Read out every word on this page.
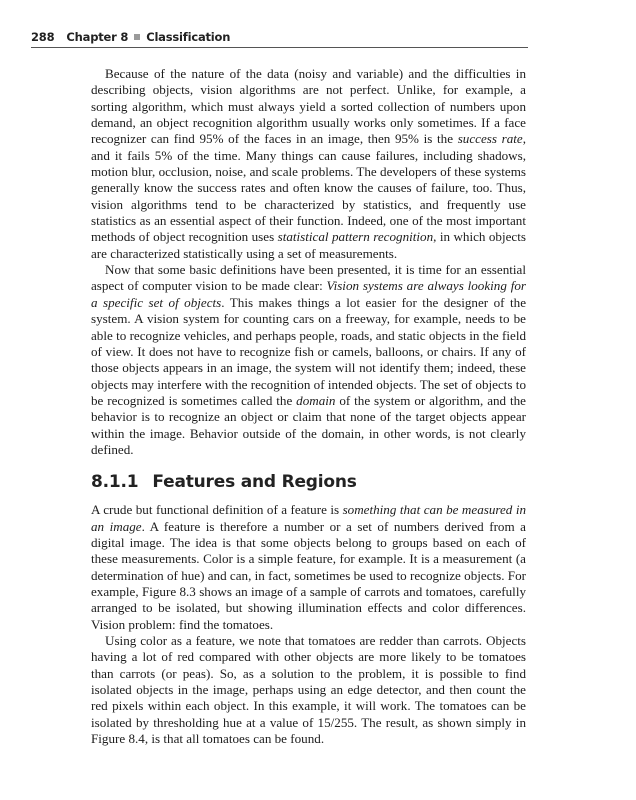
288 Chapter 8 Classification

Because of the nature of the data (noisy and variable) and the difficulties in describing objects, vision algorithms are not perfect. Unlike, for example, a sorting algorithm, which must always yield a sorted collection of numbers upon demand, an object recognition algorithm usually works only sometimes. If a face recognizer can find 95% of the faces in an image, then 95% is the success rate, and it fails 5% of the time. Many things can cause failures, including shadows, motion blur, occlusion, noise, and scale problems. The developers of these systems generally know the success rates and often know the causes of failure, too. Thus, vision algorithms tend to be characterized by statistics, and frequently use statistics as an essential aspect of their function. Indeed, one of the most important methods of object recognition uses statistical pattern recognition, in which objects are characterized statistically using a set of measurements.

Now that some basic definitions have been presented, it is time for an essential aspect of computer vision to be made clear: Vision systems are always looking for a specific set of objects. This makes things a lot easier for the designer of the system. A vision system for counting cars on a freeway, for example, needs to be able to recognize vehicles, and perhaps people, roads, and static objects in the field of view. It does not have to recognize fish or camels, balloons, or chairs. If any of those objects appears in an image, the system will not identify them; indeed, these objects may interfere with the recognition of intended objects. The set of objects to be recognized is sometimes called the domain of the system or algorithm, and the behavior is to recognize an object or claim that none of the target objects appear within the image. Behavior outside of the domain, in other words, is not clearly defined.

8.1.1 Features and Regions

A crude but functional definition of a feature is something that can be measured in an image. A feature is therefore a number or a set of numbers derived from a digital image. The idea is that some objects belong to groups based on each of these measurements. Color is a simple feature, for example. It is a measurement (a determination of hue) and can, in fact, sometimes be used to recognize objects. For example, Figure 8.3 shows an image of a sample of carrots and tomatoes, carefully arranged to be isolated, but showing illumination effects and color differences. Vision problem: find the tomatoes.

Using color as a feature, we note that tomatoes are redder than carrots. Objects having a lot of red compared with other objects are more likely to be tomatoes than carrots (or peas). So, as a solution to the problem, it is possible to find isolated objects in the image, perhaps using an edge detector, and then count the red pixels within each object. In this example, it will work. The tomatoes can be isolated by thresholding hue at a value of 15/255. The result, as shown simply in Figure 8.4, is that all tomatoes can be found.
